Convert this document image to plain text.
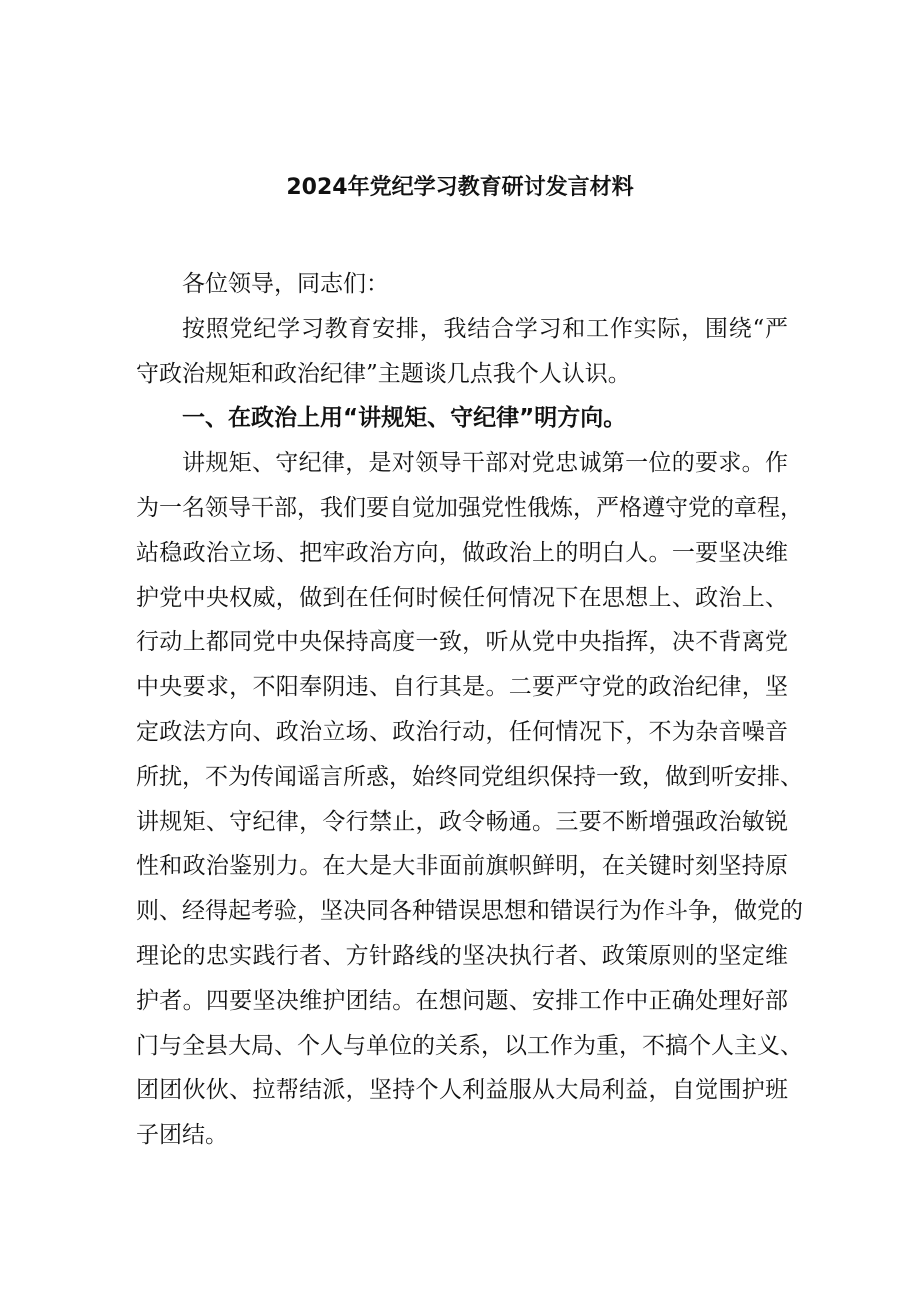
2024年党纪学习教育研讨发言材料
各位领导，同志们：
按照党纪学习教育安排，我结合学习和工作实际，围绕“严
守政治规矩和政治纪律”主题谈几点我个人认识。
一、在政治上用“讲规矩、守纪律”明方向。
讲规矩、守纪律，是对领导干部对党忠诚第一位的要求。作
为一名领导干部，我们要自觉加强党性俄炼，严格遵守党的章程，
站稳政治立场、把牢政治方向，做政治上的明白人。一要坚决维
护党中央权威，做到在任何时候任何情况下在思想上、政治上、
行动上都同党中央保持高度一致，听从党中央指挥，决不背离党
中央要求，不阳奉阴违、自行其是。二要严守党的政治纪律，坚
定政法方向、政治立场、政治行动，任何情况下，不为杂音噪音
所扰，不为传闻谣言所惑，始终同党组织保持一致，做到听安排、
讲规矩、守纪律，令行禁止，政令畅通。三要不断增强政治敏锐
性和政治鉴别力。在大是大非面前旗帜鲜明，在关键时刻坚持原
则、经得起考验，坚决同各种错误思想和错误行为作斗争，做党的
理论的忠实践行者、方针路线的坚决执行者、政策原则的坚定维
护者。四要坚决维护团结。在想问题、安排工作中正确处理好部
门与全县大局、个人与单位的关系，以工作为重，不搞个人主义、
团团伙伙、拉帮结派，坚持个人利益服从大局利益，自觉围护班
子团结。
